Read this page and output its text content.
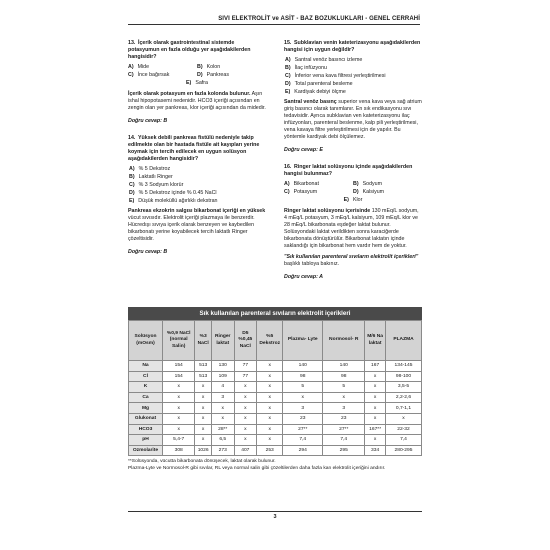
SIVI ELEKTROLİT ve ASİT - BAZ BOZUKLUKLARI - GENEL CERRAHİ
13. İçerik olarak gastrointestinal sistemde potasyumun en fazla olduğu yer aşağıdakilerden hangisidir?
A) Mide	B) Kolon
C) İnce bağırsak	D) Pankreas
E) Safra
İçerik olarak potasyum en fazla kolonda bulunur. Aşırı ishal hipopotasemi nedenidir. HCO3 içeriği açısından en zengin olan yer pankreas, klor içeriği açısından da midedir.
Doğru cevap: B
14. Yüksek debili pankreas fistülü nedeniyle takip edilmekte olan bir hastada fistüle ait kayıpları yerine koymak için tercih edilecek en uygun solüsyon aşağıdakilerden hangisidir?
A) % 5 Dekstroz
B) Laktatlı Ringer
C) % 3 Sodyum klorür
D) % 5 Dekstroz içinde % 0.45 NaCl
E) Düşük moleküllü ağırlıklı dekstran
Pankreas ekzokrin salgısı bikarbonat içeriği en yüksek vücut sıvısıdır. Elektrolit içeriği plazmaya ile benzerdir. Hücredışı sıvıya içerik olarak benzeyen ve kaybedilen bikarbonatı yerine koyabilecek tercih laktatlı Ringer çözeltisidir.
Doğru cevap: B
15. Subklavian venin kateterizasyonu aşağıdakilerden hangisi için uygun değildir?
A) Santral venöz basıncı izleme
B) İlaç infüzyonu
C) İnferior vena kava filtresi yerleştirilmesi
D) Total parenteral besleme
E) Kardiyak debiyi ölçme
Santral venöz basınç superior vena kava veya sağ atrium giriş basıncı olarak tanımlanır. En sık endikasyonu sıvı tedavisidir. Ayrıca subklavian ven kateterizasyonu ilaç infüzyonları, parenteral beslenme, kalp pili yerleştirilmesi, vena kavaya filtre yerleştirilmesi için de yapılır. Bu yöntemle kardiyak debi ölçülemez.
Doğru cevap: E
16. Ringer laktat solüsyonu içinde aşağıdakilerden hangisi bulunmaz?
A) Bikarbonat	B) Sodyum
C) Potasyum	D) Kalsiyum
E) Klor
Ringer laktat solüsyonu içerisinde 130 mEq/L sodyum, 4 mEq/L potasyum, 3 mEq/L kalsiyum, 109 mEq/L klor ve 28 mEq/L bikarbonata eşdeğer laktat bulunur. Solüsyondaki laktat verildikten sonra karaciğerde bikarbonata dönüştürülür. Bikarbonat laktatın içinde saklandığı için bikarbonat hem vardır hem de yoktur.
"Sık kullanılan parenteral sıvıların elektrolit içerikleri" başlıklı tabloya bakınız.
Doğru cevap: A
Sık kullanılan parenteral sıvıların elektrolit içerikleri
Solüsyon (mOsm)	%0,9 NaCl (normal Salin)	%3 NaCl	Ringer laktat	D5 %0,45 NaCl	%5 Dekstroz	Plazma- Lyte	Normosol- R	M/6 Na laktat	PLAZMA
Na	154	513	130	77	x	140	140	167	134-145
Cl	154	513	109	77	x	98	98	x	98-100
K	x	x	4	x	x	5	5	x	3,5-5
Ca	x	x	3	x	x	x	x	x	2,2-2,6
Mg	x	x	x	x	x	3	3	x	0,7-1,1
Glukonat	x	x	x	x	x	23	23	x	x
HCO3	x	x	28**	x	x	27**	27**	167**	22-32
pH	5,4-7	x	6,5	x	x	7,4	7,4	x	7,4
Ozmolarite	308	1026	273	407	253	294	295	334	280-295
**Solüsyonda, vücutta bikarbonata dönüşecek, laktat olarak bulunur.
Plazma-Lyte ve Normosol-R gibi sıvılar, RL veya normal salin gibi çözeltilerden daha fazla kan elektrolit içeriğini andırır.
3
